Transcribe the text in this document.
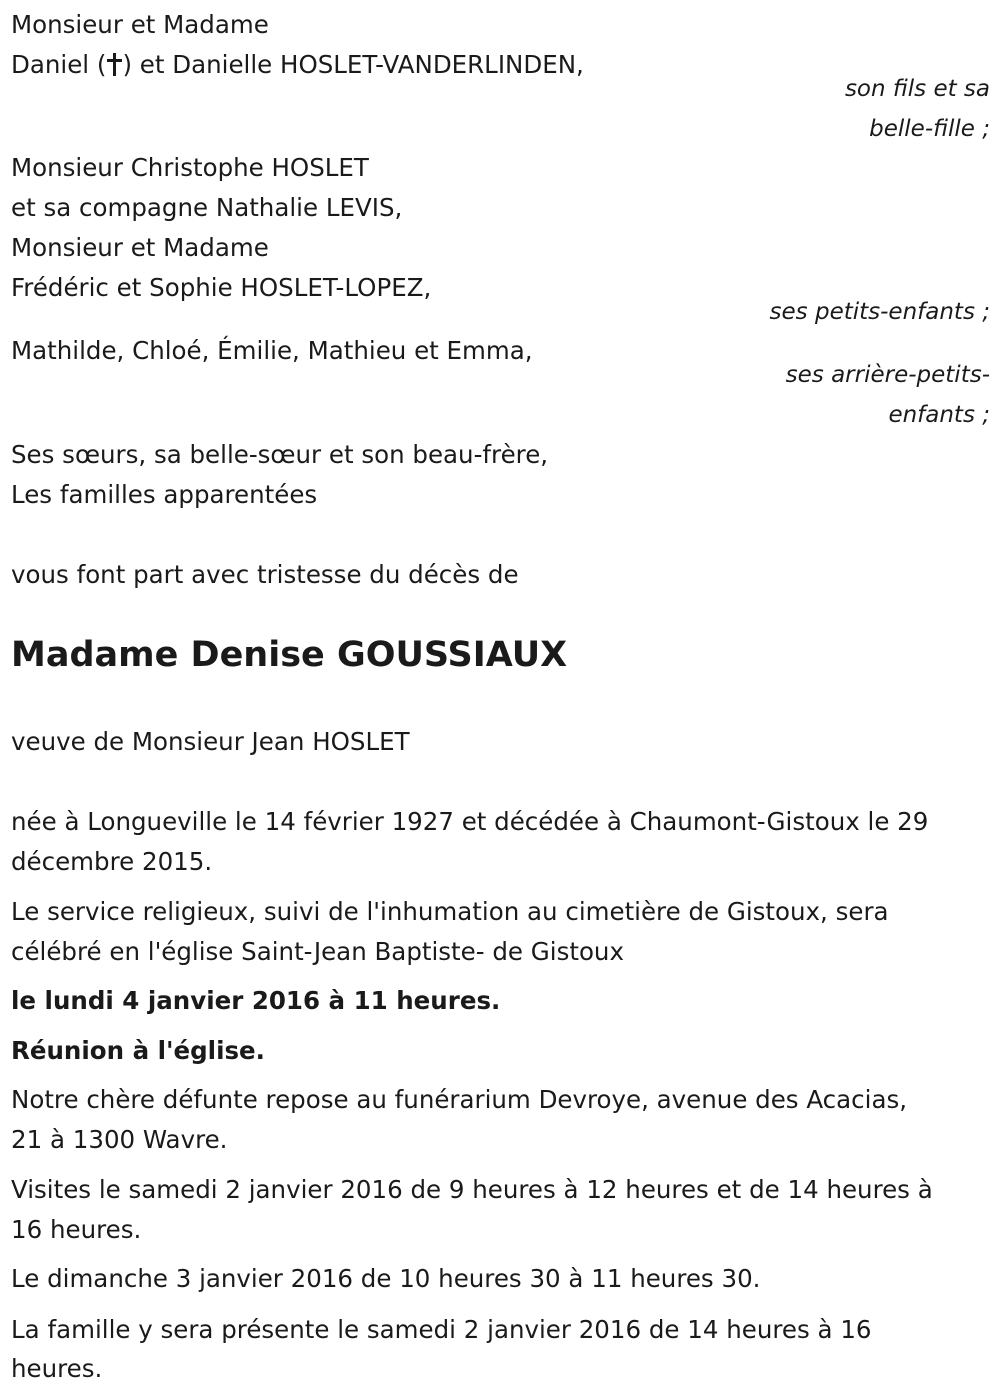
Monsieur et Madame
Daniel ( ) et Danielle HOSLET-VANDERLINDEN,
son fils et sa
belle-fille ;
Monsieur Christophe HOSLET
et sa compagne Nathalie LEVIS,
Monsieur et Madame
Frédéric et Sophie HOSLET-LOPEZ,
ses petits-enfants ;
Mathilde, Chloé, Émilie, Mathieu et Emma,
ses arrière-petits-
enfants ;
Ses sœurs, sa belle-sœur et son beau-frère,
Les familles apparentées
vous font part avec tristesse du décès de
Madame Denise GOUSSIAUX
veuve de Monsieur Jean HOSLET
née à Longueville le 14 février 1927 et décédée à Chaumont-Gistoux le 29
décembre 2015.
Le service religieux, suivi de l'inhumation au cimetière de Gistoux, sera
célébré en l'église Saint-Jean Baptiste- de Gistoux
le lundi 4 janvier 2016 à 11 heures.
Réunion à l'église.
Notre chère défunte repose au funérarium Devroye, avenue des Acacias,
21 à 1300 Wavre.
Visites le samedi 2 janvier 2016 de 9 heures à 12 heures et de 14 heures à
16 heures.
Le dimanche 3 janvier 2016 de 10 heures 30 à 11 heures 30.
La famille y sera présente le samedi 2 janvier 2016 de 14 heures à 16
heures.
